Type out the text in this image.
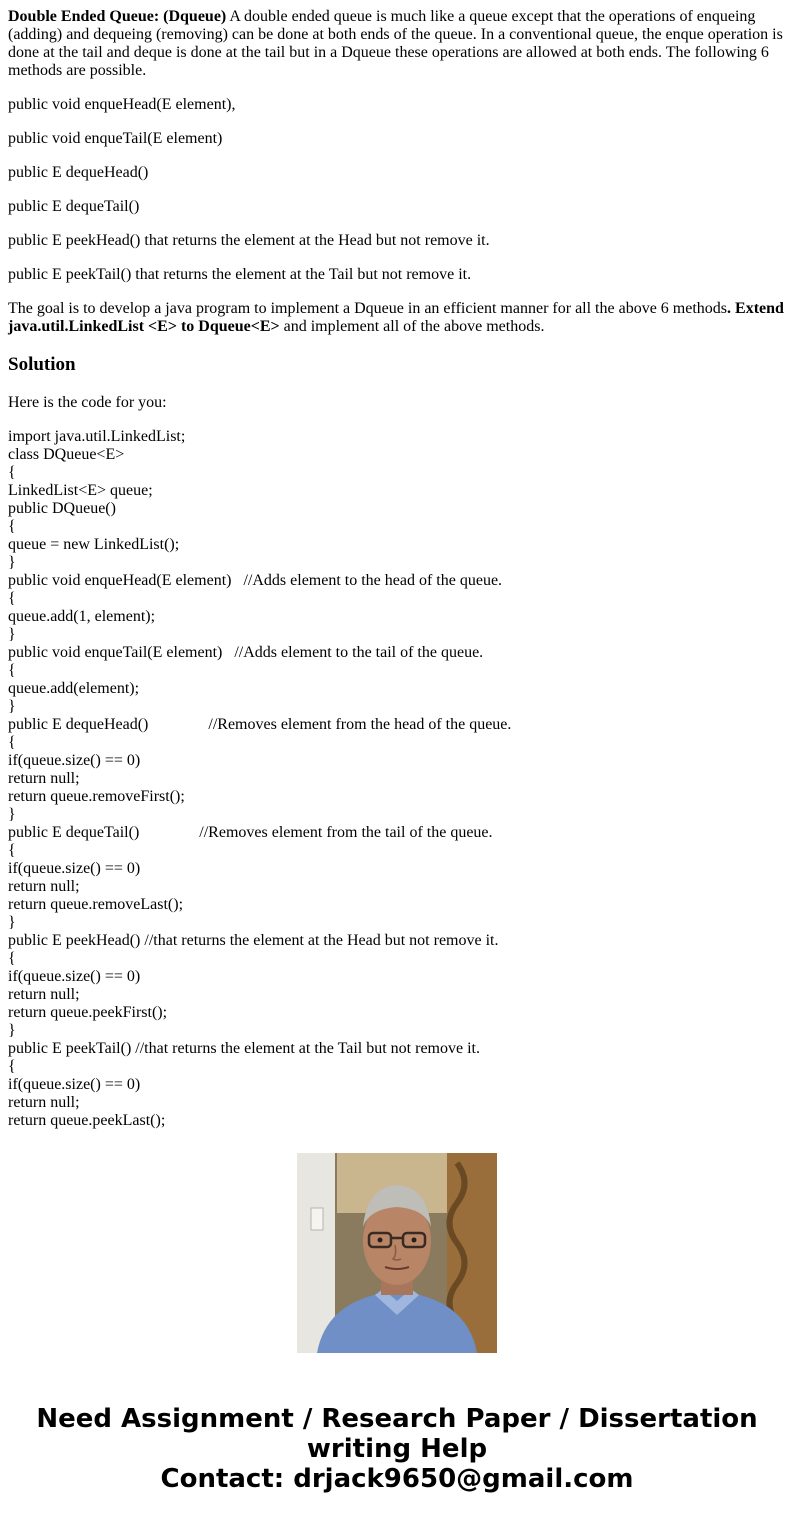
Double Ended Queue: (Dqueue) A double ended queue is much like a queue except that the operations of enqueing (adding) and dequeing (removing) can be done at both ends of the queue. In a conventional queue, the enque operation is done at the tail and deque is done at the tail but in a Dqueue these operations are allowed at both ends. The following 6 methods are possible.

public void enqueHead(E element),

public void enqueTail(E element)

public E dequeHead()

public E dequeTail()

public E peekHead() that returns the element at the Head but not remove it.

public E peekTail() that returns the element at the Tail but not remove it.

The goal is to develop a java program to implement a Dqueue in an efficient manner for all the above 6 methods. Extend java.util.LinkedList <E> to Dqueue<E> and implement all of the above methods.

Solution

Here is the code for you:

import java.util.LinkedList;
class DQueue<E>
{
LinkedList<E> queue;
public DQueue()
{
queue = new LinkedList();
}
public void enqueHead(E element)   //Adds element to the head of the queue.
{
queue.add(1, element);
}
public void enqueTail(E element)   //Adds element to the tail of the queue.
{
queue.add(element);
}
public E dequeHead()               //Removes element from the head of the queue.
{
if(queue.size() == 0)
return null;
return queue.removeFirst();
}
public E dequeTail()               //Removes element from the tail of the queue.
{
if(queue.size() == 0)
return null;
return queue.removeLast();
}
public E peekHead() //that returns the element at the Head but not remove it.
{
if(queue.size() == 0)
return null;
return queue.peekFirst();
}
public E peekTail() //that returns the element at the Tail but not remove it.
{
if(queue.size() == 0)
return null;
return queue.peekLast();
Need Assignment / Research Paper / Dissertation
writing Help
Contact: drjack9650@gmail.com
